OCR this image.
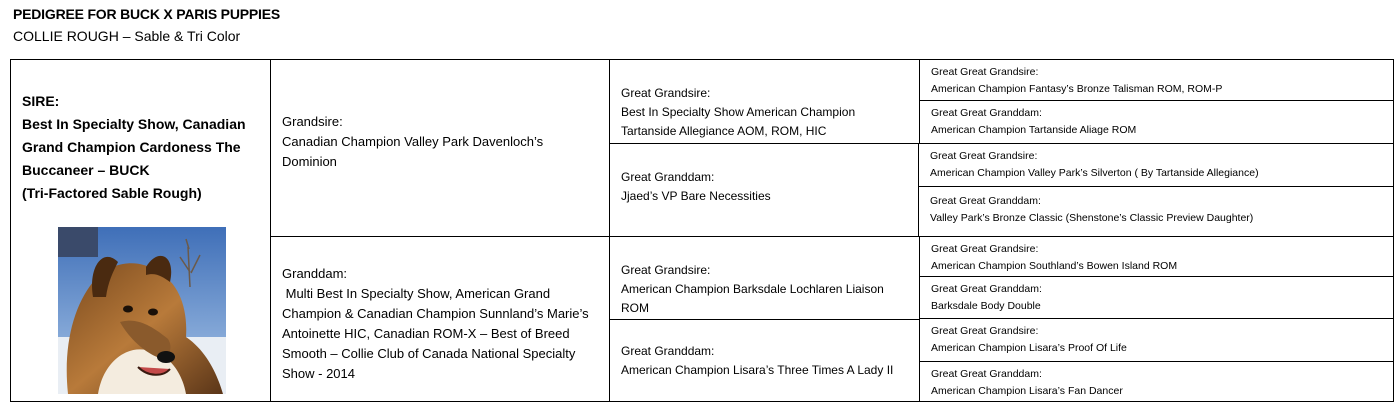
PEDIGREE FOR BUCK X PARIS PUPPIES
COLLIE ROUGH – Sable & Tri Color
SIRE:
Best In Specialty Show, Canadian
Grand Champion Cardoness The
Buccaneer – BUCK
(Tri-Factored Sable Rough)
Grandsire:
Canadian Champion Valley Park Davenloch’s Dominion
Granddam:
Multi Best In Specialty Show, American Grand Champion & Canadian Champion Sunnland’s Marie’s Antoinette HIC, Canadian ROM-X – Best of Breed Smooth – Collie Club of Canada National Specialty Show - 2014
Great Grandsire:
Best In Specialty Show American Champion Tartanside Allegiance AOM, ROM, HIC
Great Granddam:
Jjaed’s VP Bare Necessities
Great Grandsire:
American Champion Barksdale Lochlaren Liaison ROM
Great Granddam:
American Champion Lisara’s Three Times A Lady II
Great Great Grandsire:
American Champion Fantasy’s Bronze Talisman ROM, ROM-P
Great Great Granddam:
American Champion Tartanside Aliage ROM
Great Great Grandsire:
American Champion Valley Park’s Silverton ( By Tartanside Allegiance)
Great Great Granddam:
Valley Park’s Bronze Classic (Shenstone’s Classic Preview Daughter)
Great Great Grandsire:
American Champion Southland’s Bowen Island ROM
Great Great Granddam:
Barksdale Body Double
Great Great Grandsire:
American Champion Lisara’s Proof Of Life
Great Great Granddam:
American Champion Lisara’s Fan Dancer
